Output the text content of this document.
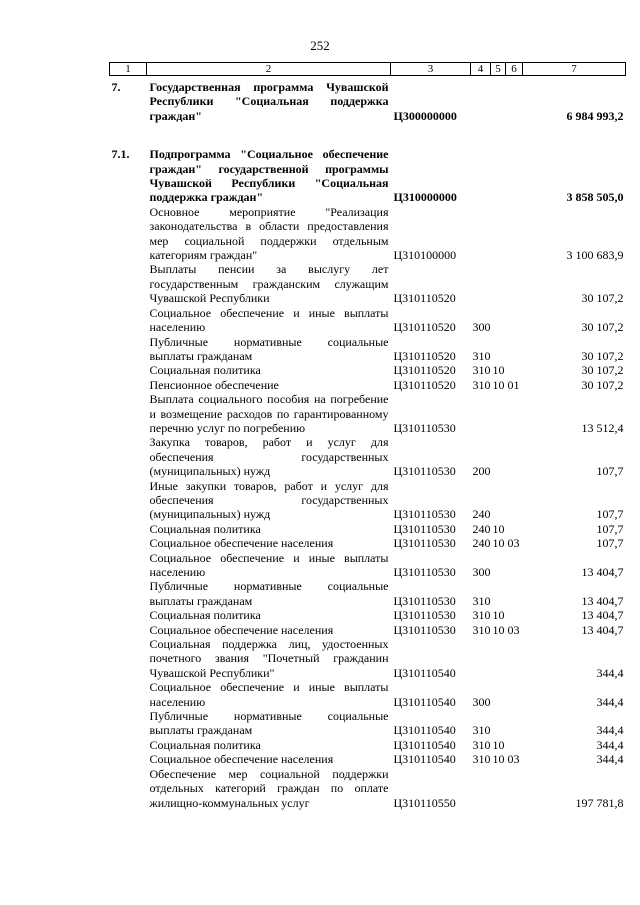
252
1	2	3	4	5	6	7
7.	Государственная программа Чувашской Республики "Социальная поддержка граждан"	Ц300000000				6 984 993,2
7.1.	Подпрограмма "Социальное обеспечение граждан" государственной программы Чувашской Республики "Социальная поддержка граждан"	Ц310000000				3 858 505,0
	Основное мероприятие "Реализация законодательства в области предоставления мер социальной поддержки отдельным категориям граждан"	Ц310100000				3 100 683,9
	Выплаты пенсии за выслугу лет государственным гражданским служащим Чувашской Республики	Ц310110520				30 107,2
	Социальное обеспечение и иные выплаты населению	Ц310110520	300			30 107,2
	Публичные нормативные социальные выплаты гражданам	Ц310110520	310			30 107,2
	Социальная политика	Ц310110520	310	10		30 107,2
	Пенсионное обеспечение	Ц310110520	310	10	01	30 107,2
	Выплата социального пособия на погребение и возмещение расходов по гарантированному перечню услуг по погребению	Ц310110530				13 512,4
	Закупка товаров, работ и услуг для обеспечения государственных (муниципальных) нужд	Ц310110530	200			107,7
	Иные закупки товаров, работ и услуг для обеспечения государственных (муниципальных) нужд	Ц310110530	240			107,7
	Социальная политика	Ц310110530	240	10		107,7
	Социальное обеспечение населения	Ц310110530	240	10	03	107,7
	Социальное обеспечение и иные выплаты населению	Ц310110530	300			13 404,7
	Публичные нормативные социальные выплаты гражданам	Ц310110530	310			13 404,7
	Социальная политика	Ц310110530	310	10		13 404,7
	Социальное обеспечение населения	Ц310110530	310	10	03	13 404,7
	Социальная поддержка лиц, удостоенных почетного звания "Почетный гражданин Чувашской Республики"	Ц310110540				344,4
	Социальное обеспечение и иные выплаты населению	Ц310110540	300			344,4
	Публичные нормативные социальные выплаты гражданам	Ц310110540	310			344,4
	Социальная политика	Ц310110540	310	10		344,4
	Социальное обеспечение населения	Ц310110540	310	10	03	344,4
	Обеспечение мер социальной поддержки отдельных категорий граждан по оплате жилищно-коммунальных услуг	Ц310110550				197 781,8
